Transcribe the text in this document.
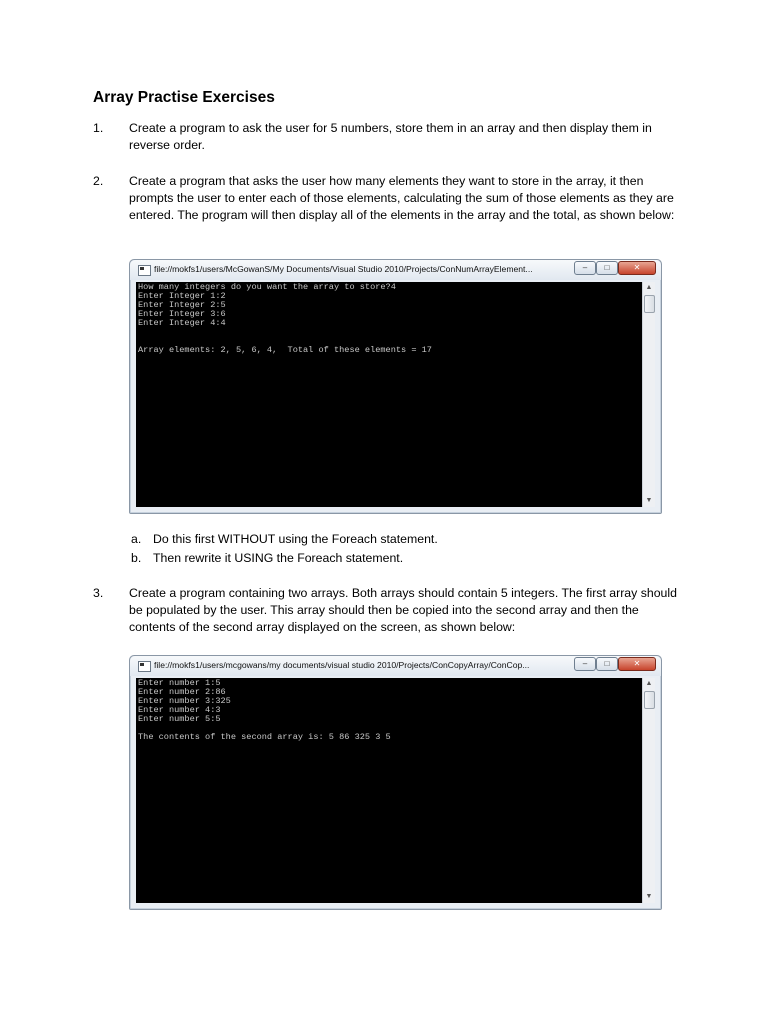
Array Practise Exercises
1.	Create a program to ask the user for 5 numbers, store them in an array and then display them in reverse order.
2.	Create a program that asks the user how many elements they want to store in the array, it then prompts the user to enter each of those elements, calculating the sum of those elements as they are entered. The program will then display all of the elements in the array and the total, as shown below:
file://mokfs1/users/McGowanS/My Documents/Visual Studio 2010/Projects/ConNumArrayElement...	–	□	✕
How many integers do you want the array to store?4
Enter Integer 1:2
Enter Integer 2:5
Enter Integer 3:6
Enter Integer 4:4

Array elements: 2, 5, 6, 4,  Total of these elements = 17
▲
▼
a. Do this first WITHOUT using the Foreach statement.
b. Then rewrite it USING the Foreach statement.
3.	Create a program containing two arrays. Both arrays should contain 5 integers. The first array should be populated by the user. This array should then be copied into the second array and then the contents of the second array displayed on the screen, as shown below:
file://mokfs1/users/mcgowans/my documents/visual studio 2010/Projects/ConCopyArray/ConCop...	–	□	✕
Enter number 1:5
Enter number 2:86
Enter number 3:325
Enter number 4:3
Enter number 5:5

The contents of the second array is: 5 86 325 3 5
▲
▼
